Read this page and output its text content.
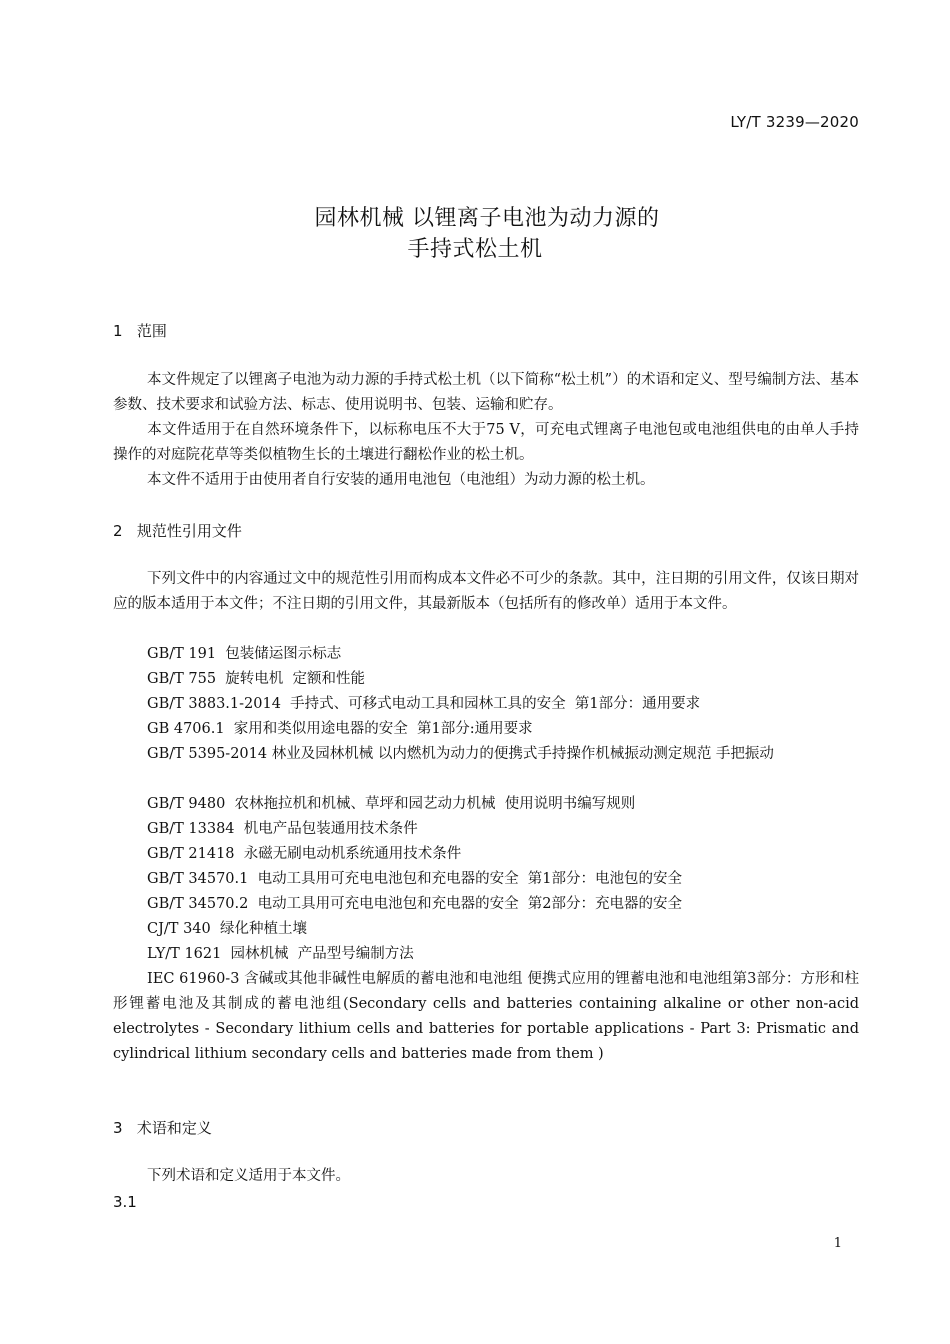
LY/T 3239—2020
园林机械 以锂离子电池为动力源的
手持式松土机
1   范围
本文件规定了以锂离子电池为动力源的手持式松土机（以下简称“松土机”）的术语和定义、型号编制方法、基本参数、技术要求和试验方法、标志、使用说明书、包装、运输和贮存。
本文件适用于在自然环境条件下，以标称电压不大于75 V，可充电式锂离子电池包或电池组供电的由单人手持操作的对庭院花草等类似植物生长的土壤进行翻松作业的松土机。
本文件不适用于由使用者自行安装的通用电池包（电池组）为动力源的松土机。
2   规范性引用文件
下列文件中的内容通过文中的规范性引用而构成本文件必不可少的条款。其中，注日期的引用文件，仅该日期对应的版本适用于本文件；不注日期的引用文件，其最新版本（包括所有的修改单）适用于本文件。
GB/T 191  包装储运图示标志
GB/T 755  旋转电机  定额和性能
GB/T 3883.1-2014  手持式、可移式电动工具和园林工具的安全  第1部分：通用要求
GB 4706.1  家用和类似用途电器的安全  第1部分:通用要求
GB/T 5395-2014 林业及园林机械 以内燃机为动力的便携式手持操作机械振动测定规范 手把振动
GB/T 9480  农林拖拉机和机械、草坪和园艺动力机械  使用说明书编写规则
GB/T 13384  机电产品包装通用技术条件
GB/T 21418  永磁无刷电动机系统通用技术条件
GB/T 34570.1  电动工具用可充电电池包和充电器的安全  第1部分：电池包的安全
GB/T 34570.2  电动工具用可充电电池包和充电器的安全  第2部分：充电器的安全
CJ/T 340  绿化种植土壤
LY/T 1621  园林机械  产品型号编制方法
IEC 61960-3 含碱或其他非碱性电解质的蓄电池和电池组 便携式应用的锂蓄电池和电池组第3部分：方形和柱形锂蓄电池及其制成的蓄电池组(Secondary cells and batteries containing alkaline or other non-acid electrolytes - Secondary lithium cells and batteries for portable applications - Part 3: Prismatic and cylindrical lithium secondary cells and batteries made from them )
3   术语和定义
下列术语和定义适用于本文件。
3.1
1
